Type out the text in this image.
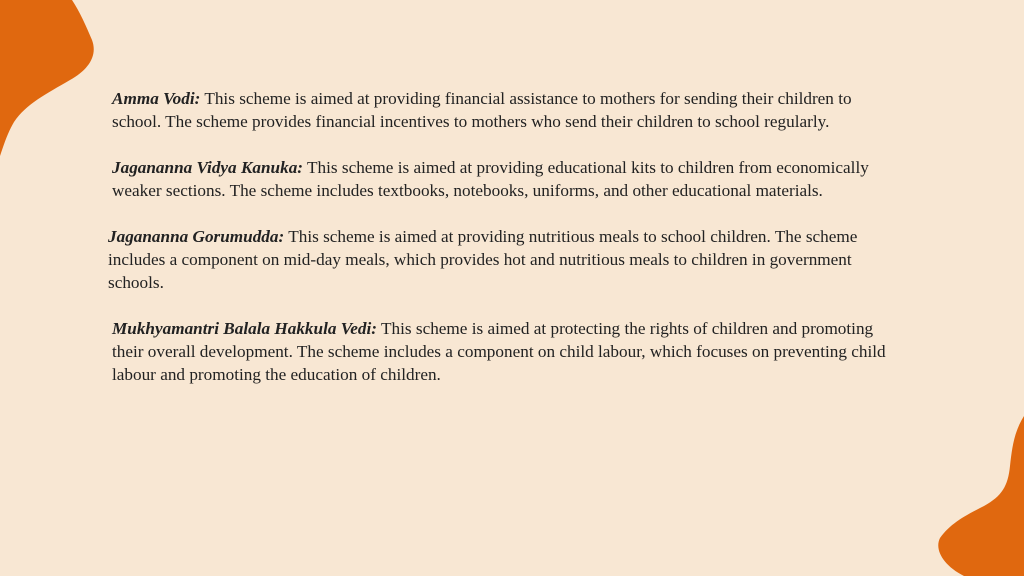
Amma Vodi: This scheme is aimed at providing financial assistance to mothers for sending their children to school. The scheme provides financial incentives to mothers who send their children to school regularly.

Jagananna Vidya Kanuka: This scheme is aimed at providing educational kits to children from economically weaker sections. The scheme includes textbooks, notebooks, uniforms, and other educational materials.

Jagananna Gorumudda: This scheme is aimed at providing nutritious meals to school children. The scheme includes a component on mid-day meals, which provides hot and nutritious meals to children in government schools.

Mukhyamantri Balala Hakkula Vedi: This scheme is aimed at protecting the rights of children and promoting their overall development. The scheme includes a component on child labour, which focuses on preventing child labour and promoting the education of children.
